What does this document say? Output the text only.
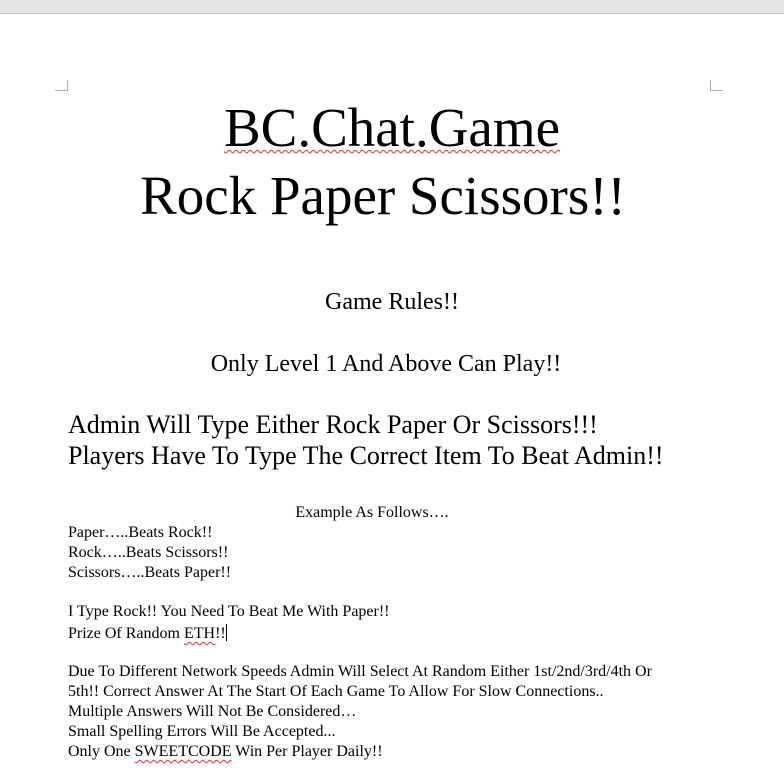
BC.Chat.Game
Rock Paper Scissors!!
Game Rules!!
Only Level 1 And Above Can Play!!
Admin Will Type Either Rock Paper Or Scissors!!!
Players Have To Type The Correct Item To Beat Admin!!
Example As Follows….
Paper…..Beats Rock!!
Rock…..Beats Scissors!!
Scissors…..Beats Paper!!
I Type Rock!! You Need To Beat Me With Paper!!
Prize Of Random ETH!!
Due To Different Network Speeds Admin Will Select At Random Either 1st/2nd/3rd/4th Or
5th!! Correct Answer At The Start Of Each Game To Allow For Slow Connections..
Multiple Answers Will Not Be Considered…
Small Spelling Errors Will Be Accepted...
Only One SWEETCODE Win Per Player Daily!!
